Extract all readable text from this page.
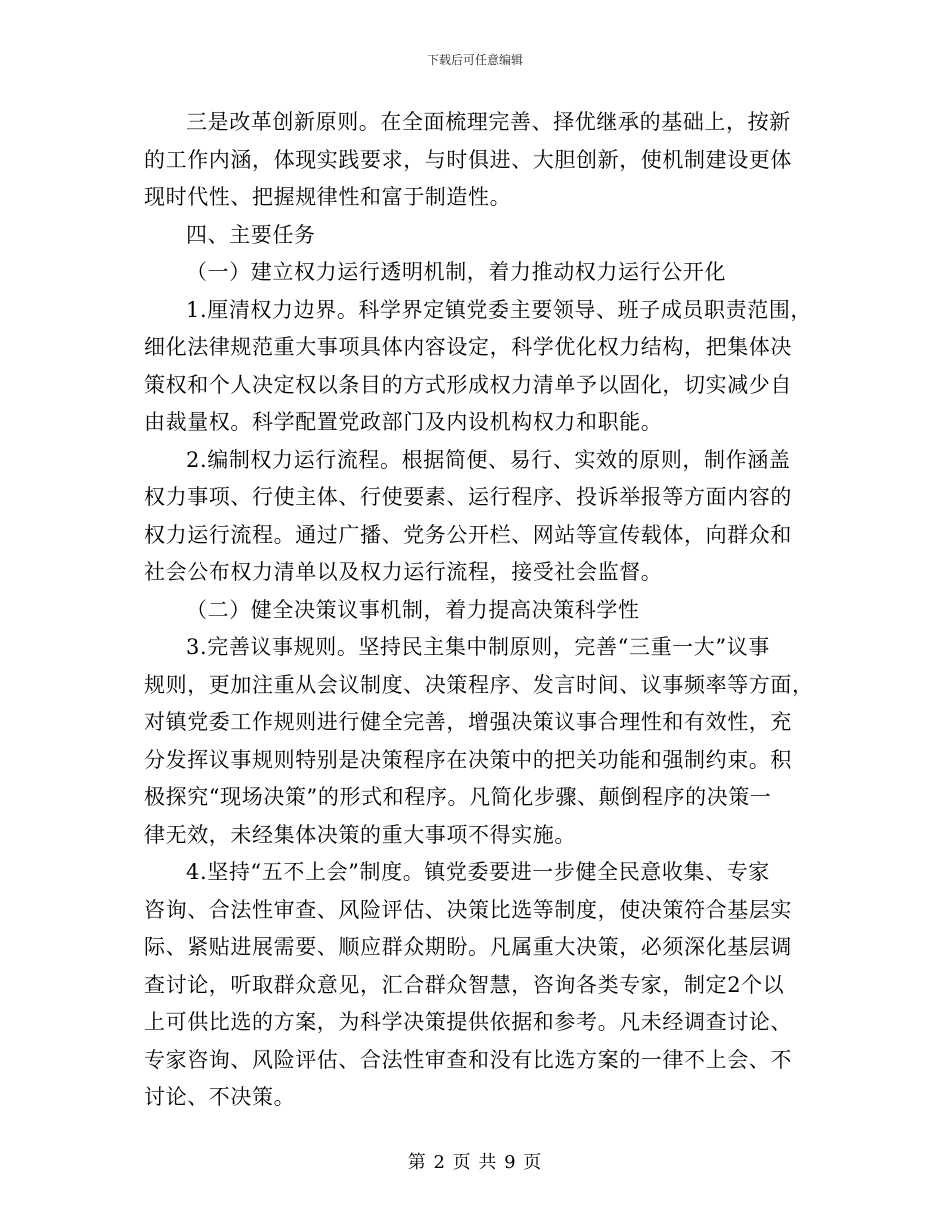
下载后可任意编辑
三是改革创新原则。在全面梳理完善、择优继承的基础上，按新
的工作内涵，体现实践要求，与时俱进、大胆创新，使机制建设更体
现时代性、把握规律性和富于制造性。
四、主要任务
（一）建立权力运行透明机制，着力推动权力运行公开化
1.厘清权力边界。科学界定镇党委主要领导、班子成员职责范围，
细化法律规范重大事项具体内容设定，科学优化权力结构，把集体决
策权和个人决定权以条目的方式形成权力清单予以固化，切实减少自
由裁量权。科学配置党政部门及内设机构权力和职能。
2.编制权力运行流程。根据简便、易行、实效的原则，制作涵盖
权力事项、行使主体、行使要素、运行程序、投诉举报等方面内容的
权力运行流程。通过广播、党务公开栏、网站等宣传载体，向群众和
社会公布权力清单以及权力运行流程，接受社会监督。
（二）健全决策议事机制，着力提高决策科学性
3.完善议事规则。坚持民主集中制原则，完善“三重一大”议事
规则，更加注重从会议制度、决策程序、发言时间、议事频率等方面，
对镇党委工作规则进行健全完善，增强决策议事合理性和有效性，充
分发挥议事规则特别是决策程序在决策中的把关功能和强制约束。积
极探究“现场决策”的形式和程序。凡简化步骤、颠倒程序的决策一
律无效，未经集体决策的重大事项不得实施。
4.坚持“五不上会”制度。镇党委要进一步健全民意收集、专家
咨询、合法性审查、风险评估、决策比选等制度，使决策符合基层实
际、紧贴进展需要、顺应群众期盼。凡属重大决策，必须深化基层调
查讨论，听取群众意见，汇合群众智慧，咨询各类专家，制定2个以
上可供比选的方案，为科学决策提供依据和参考。凡未经调查讨论、
专家咨询、风险评估、合法性审查和没有比选方案的一律不上会、不
讨论、不决策。
第 2 页 共 9 页
